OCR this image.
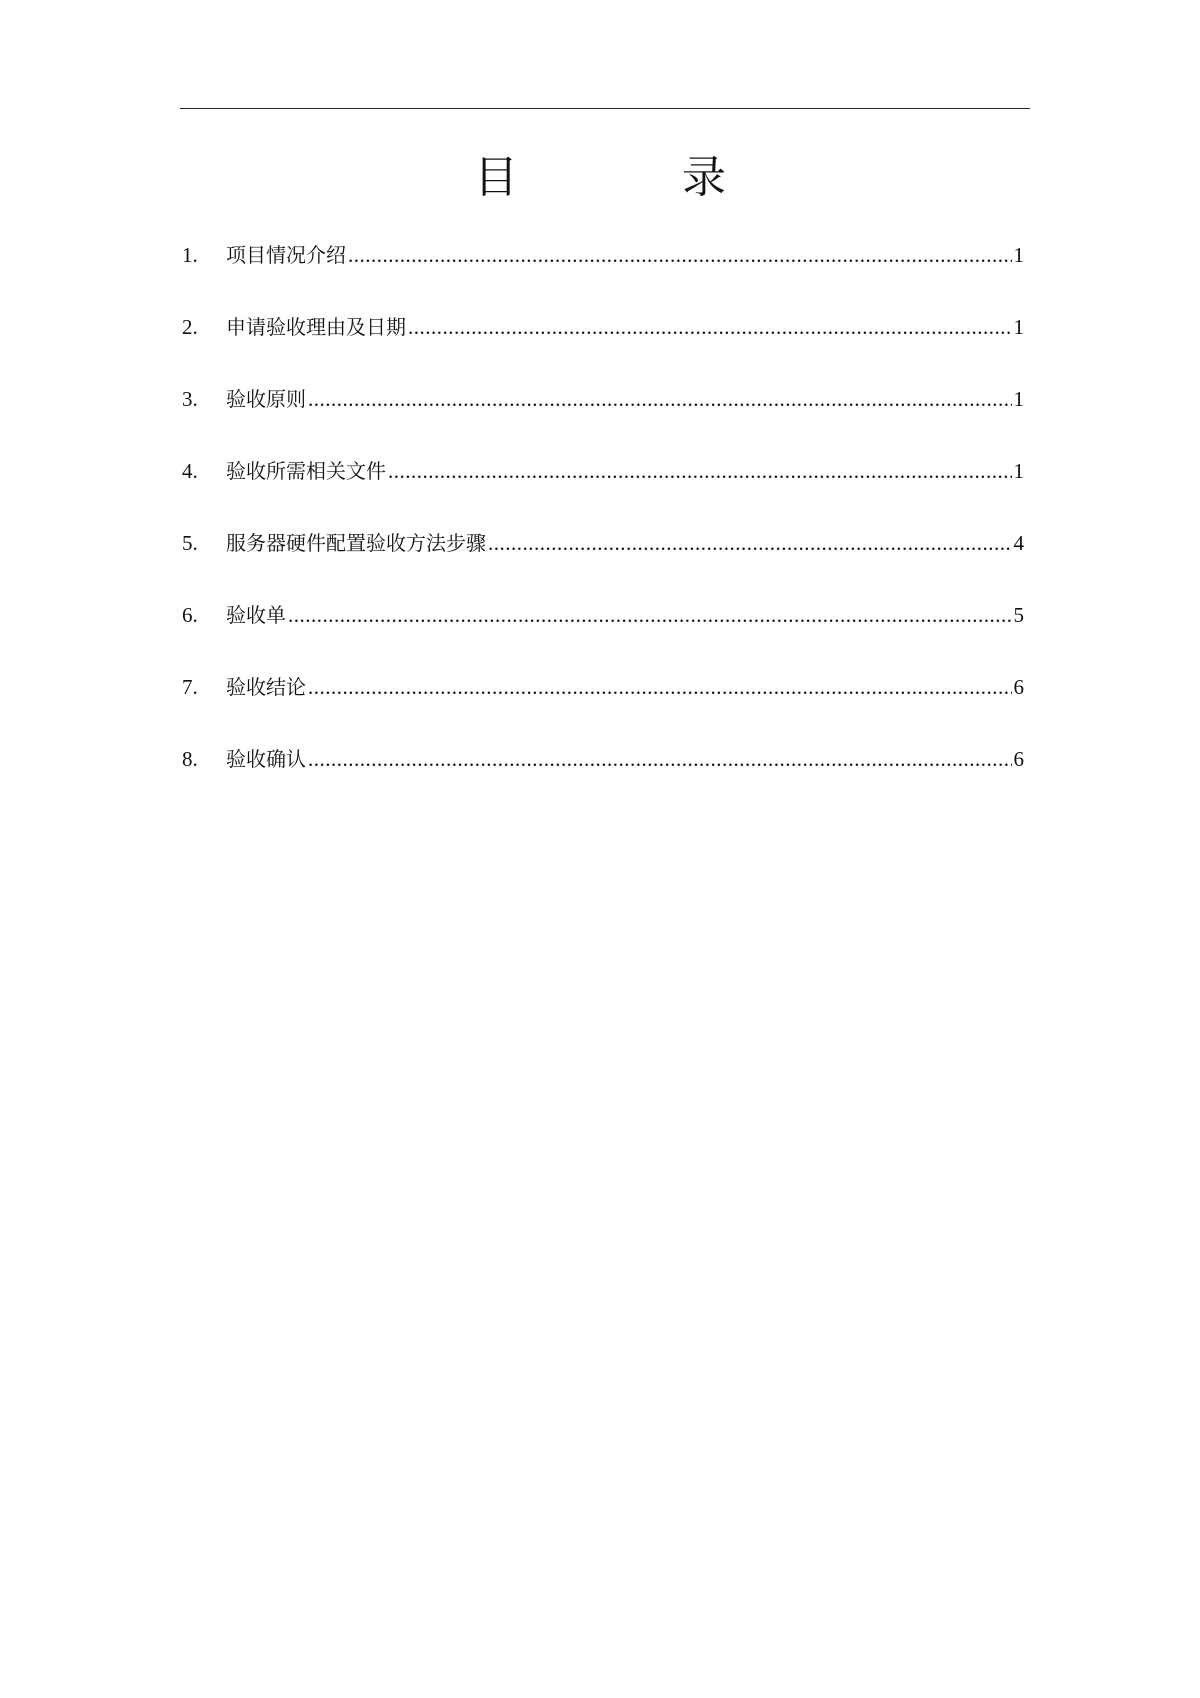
目　录
1.	项目情况介绍 .....	1
2.	申请验收理由及日期 .....	1
3.	验收原则 .....	1
4.	验收所需相关文件 .....	1
5.	服务器硬件配置验收方法步骤 .....	4
6.	验收单 .....	5
7.	验收结论 .....	6
8.	验收确认 .....	6
